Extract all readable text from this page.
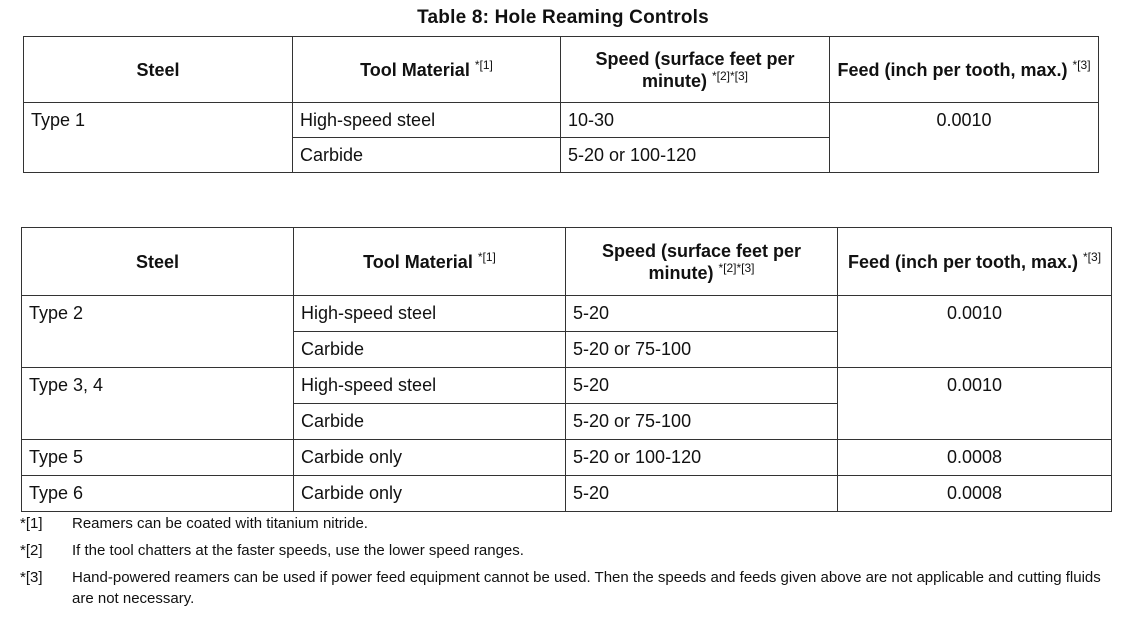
Table 8: Hole Reaming Controls
Steel	Tool Material $^{*[1]}$	Speed (surface feet per minute) $^{*[2]*[3]}$	Feed (inch per tooth, max.) $^{*[3]}$
Type 1	High-speed steel	10-30	0.0010
	Carbide	5-20 or 100-120	
Steel	Tool Material $^{*[1]}$	Speed (surface feet per minute) $^{*[2]*[3]}$	Feed (inch per tooth, max.) $^{*[3]}$
Type 2	High-speed steel	5-20	0.0010
	Carbide	5-20 or 75-100	
Type 3, 4	High-speed steel	5-20	0.0010
	Carbide	5-20 or 75-100	
Type 5	Carbide only	5-20 or 100-120	0.0008
Type 6	Carbide only	5-20	0.0008
*[1]	Reamers can be coated with titanium nitride.
*[2]	If the tool chatters at the faster speeds, use the lower speed ranges.
*[3]	Hand-powered reamers can be used if power feed equipment cannot be used. Then the speeds and feeds given above are not applicable and cutting fluids are not necessary.
